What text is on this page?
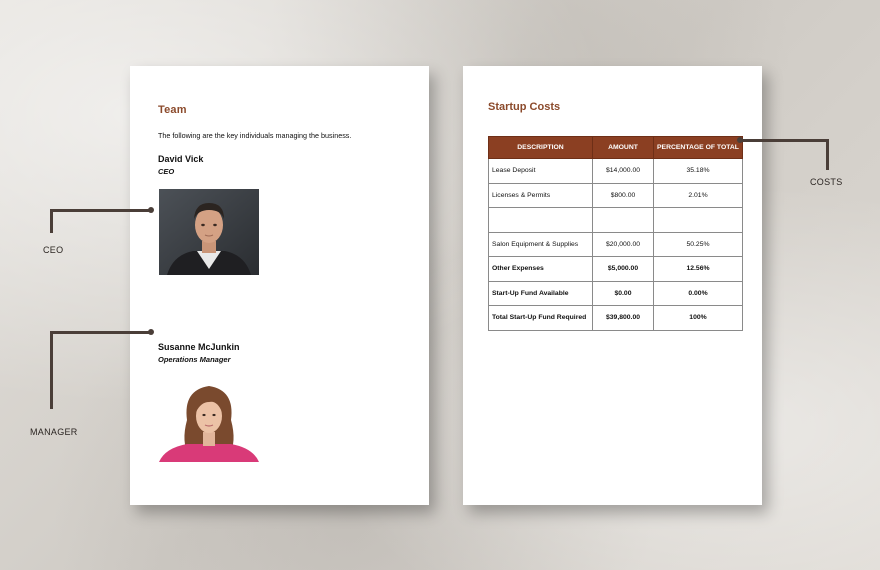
Team
The following are the key individuals managing the business.
David Vick
CEO
Susanne McJunkin
Operations Manager
Startup Costs
DESCRIPTION	AMOUNT	PERCENTAGE OF TOTAL
Lease Deposit	$14,000.00	35.18%
Licenses & Permits	$800.00	2.01%

Salon Equipment & Supplies	$20,000.00	50.25%
Other Expenses	$5,000.00	12.56%
Start-Up Fund Available	$0.00	0.00%
Total Start-Up Fund Required	$39,800.00	100%
CEO
MANAGER
COSTS
